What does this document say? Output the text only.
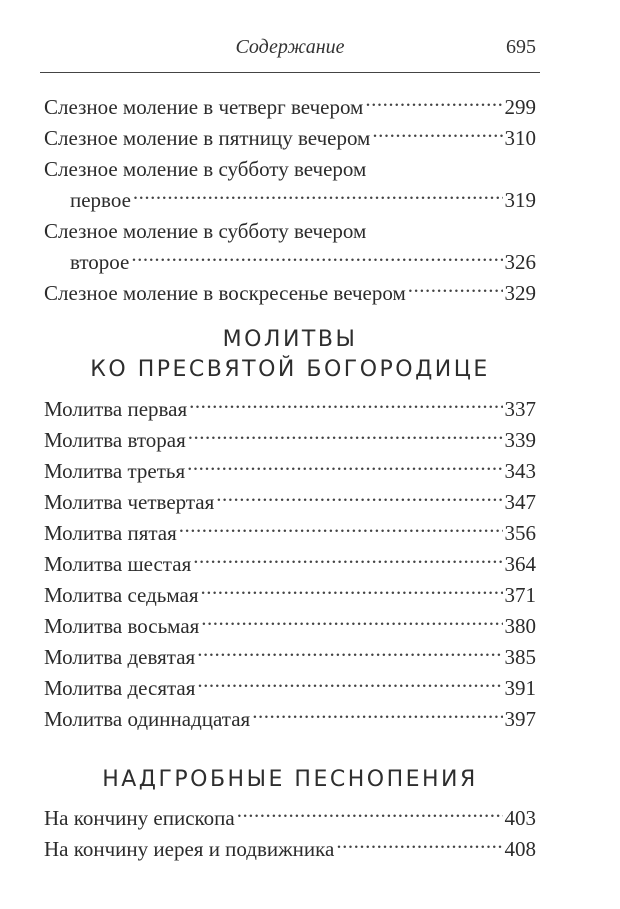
Содержание	695
Слезное моление в четверг вечером .....	299
Слезное моление в пятницу вечером .....	310
Слезное моление в субботу вечером
первое .....	319
Слезное моление в субботу вечером
второе .....	326
Слезное моление в воскресенье вечером .....	329
МОЛИТВЫ
КО ПРЕСВЯТОЙ БОГОРОДИЦЕ
Молитва первая .....	337
Молитва вторая .....	339
Молитва третья .....	343
Молитва четвертая .....	347
Молитва пятая .....	356
Молитва шестая .....	364
Молитва седьмая .....	371
Молитва восьмая .....	380
Молитва девятая .....	385
Молитва десятая .....	391
Молитва одиннадцатая .....	397
НАДГРОБНЫЕ ПЕСНОПЕНИЯ
На кончину епископа .....	403
На кончину иерея и подвижника .....	408
